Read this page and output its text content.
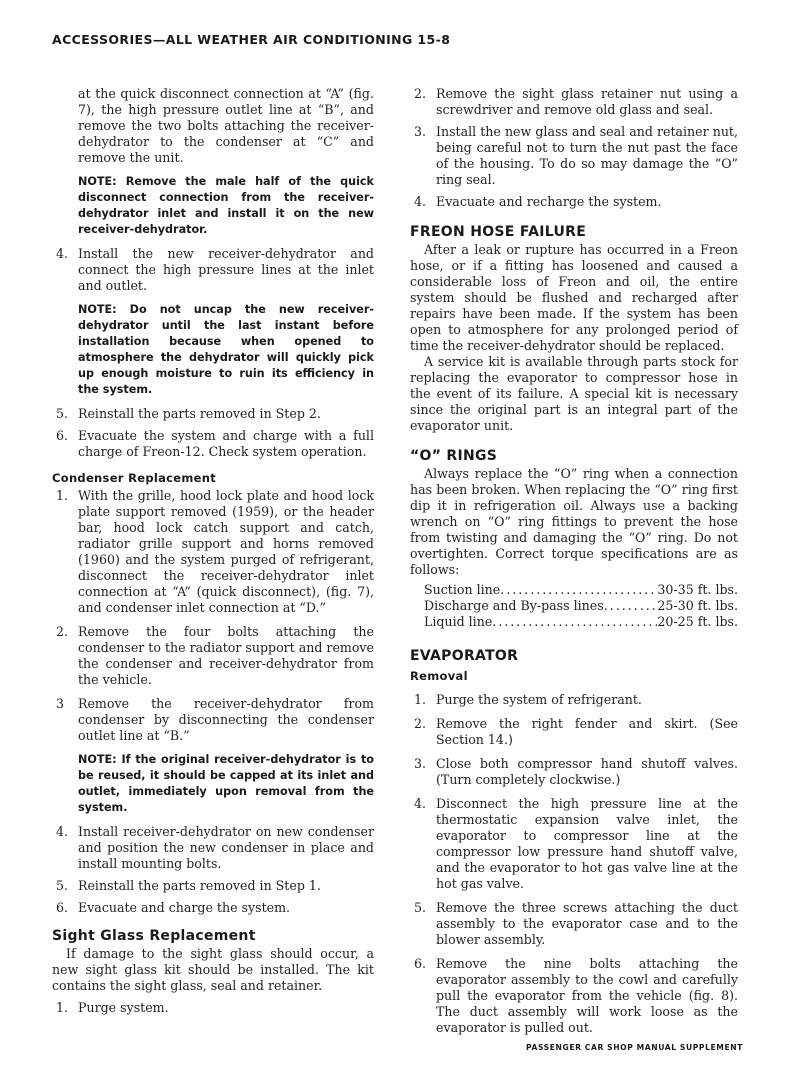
ACCESSORIES—ALL WEATHER AIR CONDITIONING 15-8

at the quick disconnect connection at “A” (fig. 7), the high pressure outlet line at “B”, and remove the two bolts attaching the receiver-dehydrator to the condenser at “C” and remove the unit.

NOTE: Remove the male half of the quick disconnect connection from the receiver-dehydrator inlet and install it on the new receiver-dehydrator.
4. Install the new receiver-dehydrator and connect the high pressure lines at the inlet and outlet.
NOTE: Do not uncap the new receiver-dehydrator until the last instant before installation because when opened to atmosphere the dehydrator will quickly pick up enough moisture to ruin its efficiency in the system.
5. Reinstall the parts removed in Step 2.
6. Evacuate the system and charge with a full charge of Freon-12. Check system operation.
Condenser Replacement
1. With the grille, hood lock plate and hood lock plate support removed (1959), or the header bar, hood lock catch support and catch, radiator grille support and horns removed (1960) and the system purged of refrigerant, disconnect the receiver-dehydrator inlet connection at “A” (quick disconnect), (fig. 7), and condenser inlet connection at “D.”
2. Remove the four bolts attaching the condenser to the radiator support and remove the condenser and receiver-dehydrator from the vehicle.
3	Remove the receiver-dehydrator from condenser by disconnecting the condenser outlet line at “B.”
NOTE: If the original receiver-dehydrator is to be reused, it should be capped at its inlet and outlet, immediately upon removal from the system.
4. Install receiver-dehydrator on new condenser and position the new condenser in place and install mounting bolts.
5. Reinstall the parts removed in Step 1.
6. Evacuate and charge the system.
Sight Glass Replacement

If damage to the sight glass should occur, a new sight glass kit should be installed. The kit contains the sight glass, seal and retainer.

1. Purge system.
2. Remove the sight glass retainer nut using a screwdriver and remove old glass and seal.
3. Install the new glass and seal and retainer nut, being careful not to turn the nut past the face of the housing. To do so may damage the “O” ring seal.
4. Evacuate and recharge the system.
FREON HOSE FAILURE

After a leak or rupture has occurred in a Freon hose, or if a fitting has loosened and caused a considerable loss of Freon and oil, the entire system should be flushed and recharged after repairs have been made. If the system has been open to atmosphere for any prolonged period of time the receiver-dehydrator should be replaced.

A service kit is available through parts stock for replacing the evaporator to compressor hose in the event of its failure. A special kit is necessary since the original part is an integral part of the evaporator unit.

“O” RINGS

Always replace the “O” ring when a connection has been broken. When replacing the “O” ring first dip it in refrigeration oil. Always use a backing wrench on “O” ring fittings to prevent the hose from twisting and damaging the “O” ring. Do not overtighten. Correct torque specifications are as follows:

Suction line .....	30-35 ft. lbs.
Discharge and By-pass lines .....	25-30 ft. lbs.
Liquid line .....	20-25 ft. lbs.
EVAPORATOR
Removal
1. Purge the system of refrigerant.
2. Remove the right fender and skirt. (See Section 14.)
3. Close both compressor hand shutoff valves. (Turn completely clockwise.)
4. Disconnect the high pressure line at the thermostatic expansion valve inlet, the evaporator to compressor line at the compressor low pressure hand shutoff valve, and the evaporator to hot gas valve line at the hot gas valve.
5. Remove the three screws attaching the duct assembly to the evaporator case and to the blower assembly.
6. Remove the nine bolts attaching the evaporator assembly to the cowl and carefully pull the evaporator from the vehicle (fig. 8). The duct assembly will work loose as the evaporator is pulled out.
PASSENGER CAR SHOP MANUAL SUPPLEMENT
